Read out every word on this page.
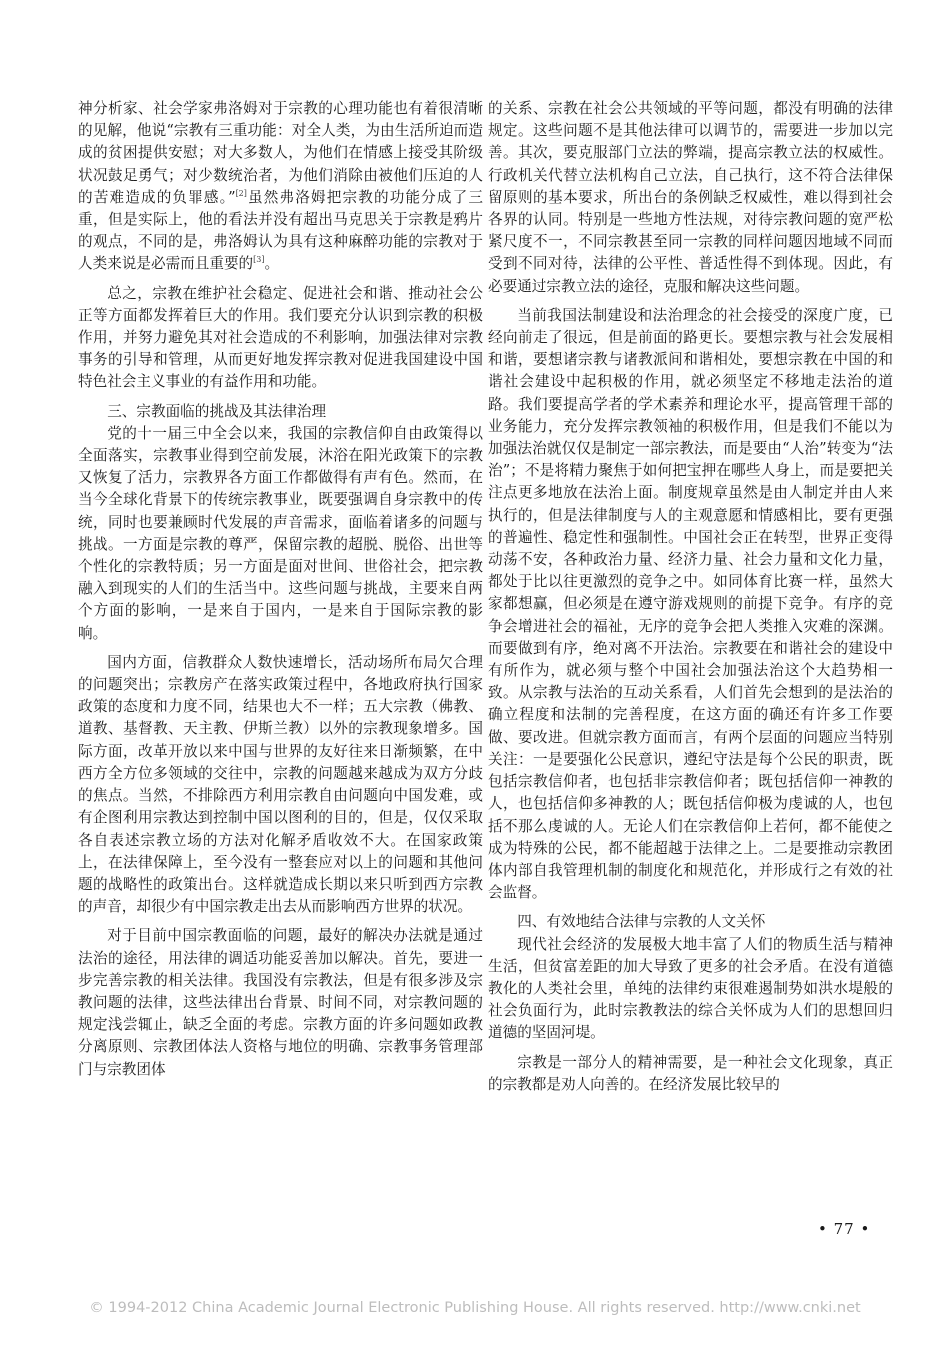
神分析家、社会学家弗洛姆对于宗教的心理功能也有着很清晰的见解，他说“宗教有三重功能：对全人类，为由生活所迫而造成的贫困提供安慰；对大多数人，为他们在情感上接受其阶级状况鼓足勇气；对少数统治者，为他们消除由被他们压迫的人的苦难造成的负罪感。”[2]虽然弗洛姆把宗教的功能分成了三重，但是实际上，他的看法并没有超出马克思关于宗教是鸦片的观点，不同的是，弗洛姆认为具有这种麻醉功能的宗教对于人类来说是必需而且重要的[3]。

总之，宗教在维护社会稳定、促进社会和谐、推动社会公正等方面都发挥着巨大的作用。我们要充分认识到宗教的积极作用，并努力避免其对社会造成的不利影响，加强法律对宗教事务的引导和管理，从而更好地发挥宗教对促进我国建设中国特色社会主义事业的有益作用和功能。

三、宗教面临的挑战及其法律治理

党的十一届三中全会以来，我国的宗教信仰自由政策得以全面落实，宗教事业得到空前发展，沐浴在阳光政策下的宗教又恢复了活力，宗教界各方面工作都做得有声有色。然而，在当今全球化背景下的传统宗教事业，既要强调自身宗教中的传统，同时也要兼顾时代发展的声音需求，面临着诸多的问题与挑战。一方面是宗教的尊严，保留宗教的超脱、脱俗、出世等个性化的宗教特质；另一方面是面对世间、世俗社会，把宗教融入到现实的人们的生活当中。这些问题与挑战，主要来自两个方面的影响，一是来自于国内，一是来自于国际宗教的影响。

国内方面，信教群众人数快速增长，活动场所布局欠合理的问题突出；宗教房产在落实政策过程中，各地政府执行国家政策的态度和力度不同，结果也大不一样；五大宗教（佛教、道教、基督教、天主教、伊斯兰教）以外的宗教现象增多。国际方面，改革开放以来中国与世界的友好往来日渐频繁，在中西方全方位多领域的交往中，宗教的问题越来越成为双方分歧的焦点。当然，不排除西方利用宗教自由问题向中国发难，或有企图利用宗教达到控制中国以图利的目的，但是，仅仅采取各自表述宗教立场的方法对化解矛盾收效不大。在国家政策上，在法律保障上，至今没有一整套应对以上的问题和其他问题的战略性的政策出台。这样就造成长期以来只听到西方宗教的声音，却很少有中国宗教走出去从而影响西方世界的状况。

对于目前中国宗教面临的问题，最好的解决办法就是通过法治的途径，用法律的调适功能妥善加以解决。首先，要进一步完善宗教的相关法律。我国没有宗教法，但是有很多涉及宗教问题的法律，这些法律出台背景、时间不同，对宗教问题的规定浅尝辄止，缺乏全面的考虑。宗教方面的许多问题如政教分离原则、宗教团体法人资格与地位的明确、宗教事务管理部门与宗教团体

的关系、宗教在社会公共领域的平等问题，都没有明确的法律规定。这些问题不是其他法律可以调节的，需要进一步加以完善。其次，要克服部门立法的弊端，提高宗教立法的权威性。行政机关代替立法机构自己立法，自己执行，这不符合法律保留原则的基本要求，所出台的条例缺乏权威性，难以得到社会各界的认同。特别是一些地方性法规，对待宗教问题的宽严松紧尺度不一，不同宗教甚至同一宗教的同样问题因地域不同而受到不同对待，法律的公平性、普适性得不到体现。因此，有必要通过宗教立法的途径，克服和解决这些问题。

当前我国法制建设和法治理念的社会接受的深度广度，已经向前走了很远，但是前面的路更长。要想宗教与社会发展相和谐，要想诸宗教与诸教派间和谐相处，要想宗教在中国的和谐社会建设中起积极的作用，就必须坚定不移地走法治的道路。我们要提高学者的学术素养和理论水平，提高管理干部的业务能力，充分发挥宗教领袖的积极作用，但是我们不能以为加强法治就仅仅是制定一部宗教法，而是要由“人治”转变为“法治”；不是将精力聚焦于如何把宝押在哪些人身上，而是要把关注点更多地放在法治上面。制度规章虽然是由人制定并由人来执行的，但是法律制度与人的主观意愿和情感相比，要有更强的普遍性、稳定性和强制性。中国社会正在转型，世界正变得动荡不安，各种政治力量、经济力量、社会力量和文化力量，都处于比以往更激烈的竞争之中。如同体育比赛一样，虽然大家都想赢，但必须是在遵守游戏规则的前提下竞争。有序的竞争会增进社会的福祉，无序的竞争会把人类推入灾难的深渊。而要做到有序，绝对离不开法治。宗教要在和谐社会的建设中有所作为，就必须与整个中国社会加强法治这个大趋势相一致。从宗教与法治的互动关系看，人们首先会想到的是法治的确立程度和法制的完善程度，在这方面的确还有许多工作要做、要改进。但就宗教方面而言，有两个层面的问题应当特别关注：一是要强化公民意识，遵纪守法是每个公民的职责，既包括宗教信仰者，也包括非宗教信仰者；既包括信仰一神教的人，也包括信仰多神教的人；既包括信仰极为虔诚的人，也包括不那么虔诚的人。无论人们在宗教信仰上若何，都不能使之成为特殊的公民，都不能超越于法律之上。二是要推动宗教团体内部自我管理机制的制度化和规范化，并形成行之有效的社会监督。

四、有效地结合法律与宗教的人文关怀

现代社会经济的发展极大地丰富了人们的物质生活与精神生活，但贫富差距的加大导致了更多的社会矛盾。在没有道德教化的人类社会里，单纯的法律约束很难遏制势如洪水堤般的社会负面行为，此时宗教教法的综合关怀成为人们的思想回归道德的坚固河堤。

宗教是一部分人的精神需要，是一种社会文化现象，真正的宗教都是劝人向善的。在经济发展比较早的

• 77 •
© 1994-2012 China Academic Journal Electronic Publishing House. All rights reserved. http://www.cnki.net
